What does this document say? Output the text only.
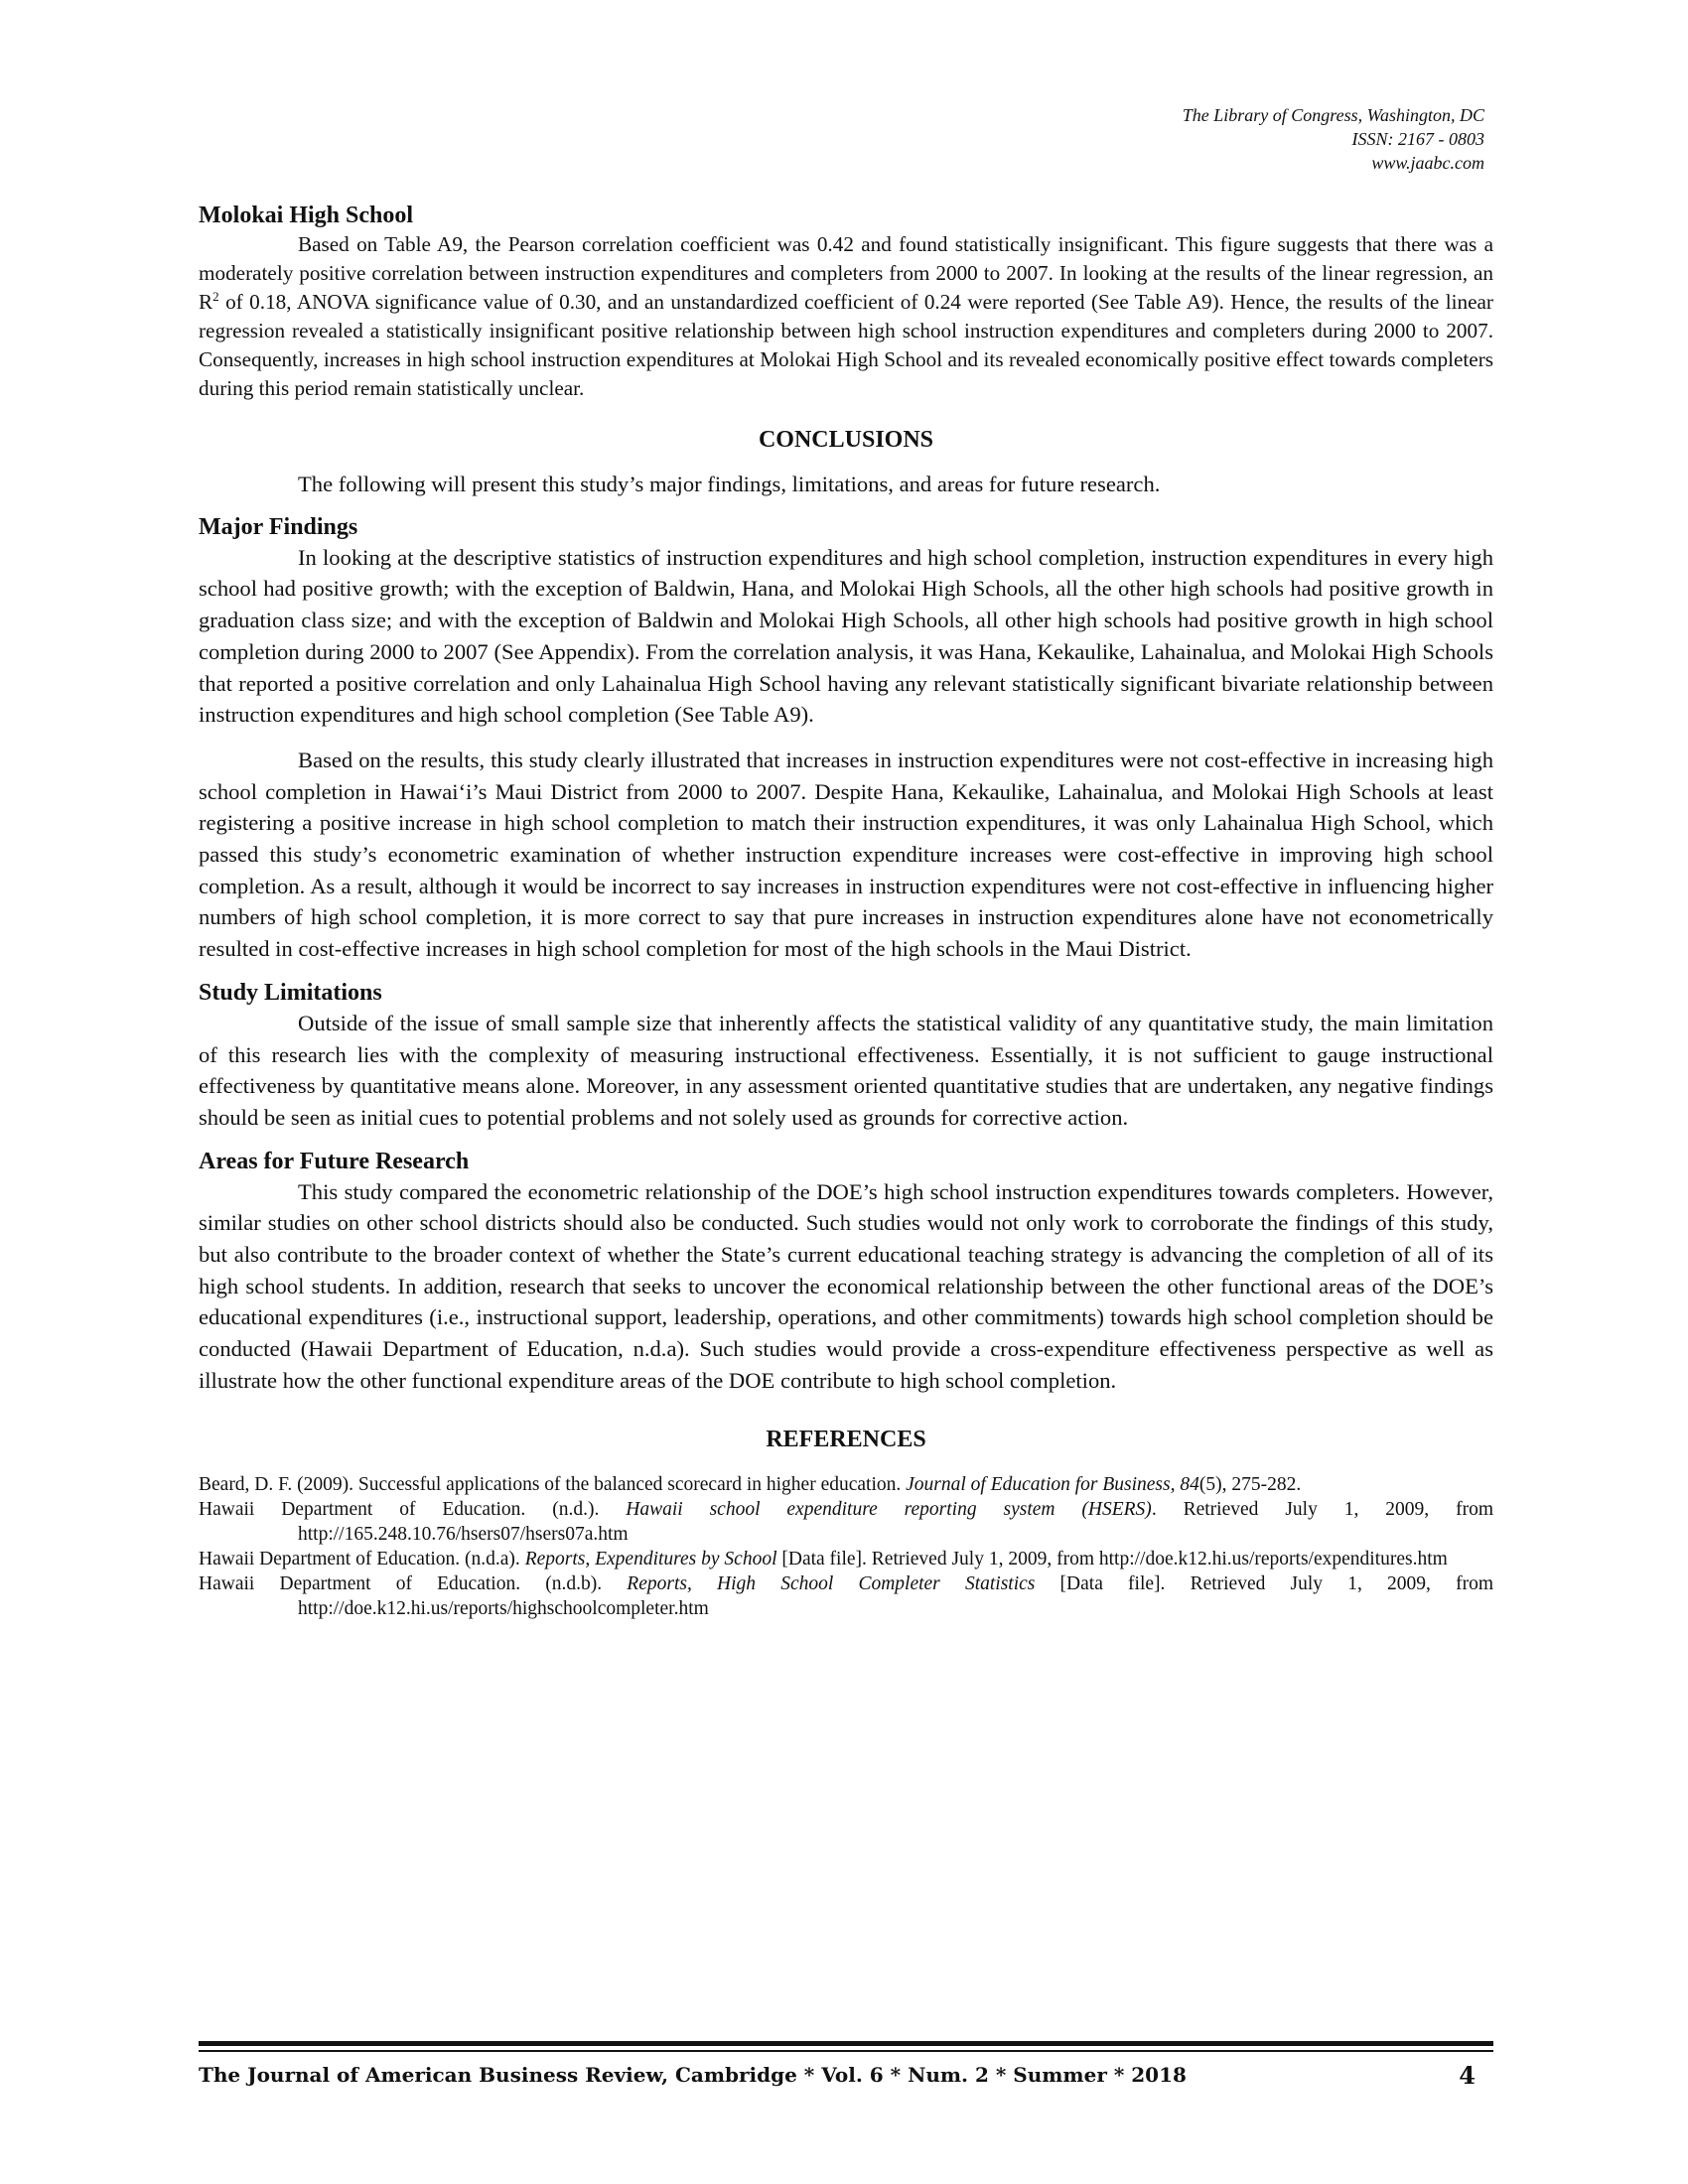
The Library of Congress, Washington, DC
ISSN: 2167 - 0803
www.jaabc.com
Molokai High School

Based on Table A9, the Pearson correlation coefficient was 0.42 and found statistically insignificant. This figure suggests that there was a moderately positive correlation between instruction expenditures and completers from 2000 to 2007. In looking at the results of the linear regression, an $R^2$ of 0.18, ANOVA significance value of 0.30, and an unstandardized coefficient of 0.24 were reported (See Table A9). Hence, the results of the linear regression revealed a statistically insignificant positive relationship between high school instruction expenditures and completers during 2000 to 2007. Consequently, increases in high school instruction expenditures at Molokai High School and its revealed economically positive effect towards completers during this period remain statistically unclear.

CONCLUSIONS

The following will present this study’s major findings, limitations, and areas for future research.

Major Findings

In looking at the descriptive statistics of instruction expenditures and high school completion, instruction expenditures in every high school had positive growth; with the exception of Baldwin, Hana, and Molokai High Schools, all the other high schools had positive growth in graduation class size; and with the exception of Baldwin and Molokai High Schools, all other high schools had positive growth in high school completion during 2000 to 2007 (See Appendix). From the correlation analysis, it was Hana, Kekaulike, Lahainalua, and Molokai High Schools that reported a positive correlation and only Lahainalua High School having any relevant statistically significant bivariate relationship between instruction expenditures and high school completion (See Table A9).

Based on the results, this study clearly illustrated that increases in instruction expenditures were not cost-effective in increasing high school completion in Hawai‘i’s Maui District from 2000 to 2007. Despite Hana, Kekaulike, Lahainalua, and Molokai High Schools at least registering a positive increase in high school completion to match their instruction expenditures, it was only Lahainalua High School, which passed this study’s econometric examination of whether instruction expenditure increases were cost-effective in improving high school completion. As a result, although it would be incorrect to say increases in instruction expenditures were not cost-effective in influencing higher numbers of high school completion, it is more correct to say that pure increases in instruction expenditures alone have not econometrically resulted in cost-effective increases in high school completion for most of the high schools in the Maui District.

Study Limitations

Outside of the issue of small sample size that inherently affects the statistical validity of any quantitative study, the main limitation of this research lies with the complexity of measuring instructional effectiveness. Essentially, it is not sufficient to gauge instructional effectiveness by quantitative means alone. Moreover, in any assessment oriented quantitative studies that are undertaken, any negative findings should be seen as initial cues to potential problems and not solely used as grounds for corrective action.

Areas for Future Research

This study compared the econometric relationship of the DOE’s high school instruction expenditures towards completers. However, similar studies on other school districts should also be conducted. Such studies would not only work to corroborate the findings of this study, but also contribute to the broader context of whether the State’s current educational teaching strategy is advancing the completion of all of its high school students. In addition, research that seeks to uncover the economical relationship between the other functional areas of the DOE’s educational expenditures (i.e., instructional support, leadership, operations, and other commitments) towards high school completion should be conducted (Hawaii Department of Education, n.d.a). Such studies would provide a cross-expenditure effectiveness perspective as well as illustrate how the other functional expenditure areas of the DOE contribute to high school completion.

REFERENCES
Beard, D. F. (2009). Successful applications of the balanced scorecard in higher education. Journal of Education for Business, 84(5), 275-282.
Hawaii Department of Education. (n.d.). Hawaii school expenditure reporting system (HSERS). Retrieved July 1, 2009, from http://165.248.10.76/hsers07/hsers07a.htm
Hawaii Department of Education. (n.d.a). Reports, Expenditures by School [Data file]. Retrieved July 1, 2009, from http://doe.k12.hi.us/reports/expenditures.htm
Hawaii Department of Education. (n.d.b). Reports, High School Completer Statistics [Data file]. Retrieved July 1, 2009, from http://doe.k12.hi.us/reports/highschoolcompleter.htm
The Journal of American Business Review, Cambridge * Vol. 6 * Num. 2 * Summer * 2018	4
